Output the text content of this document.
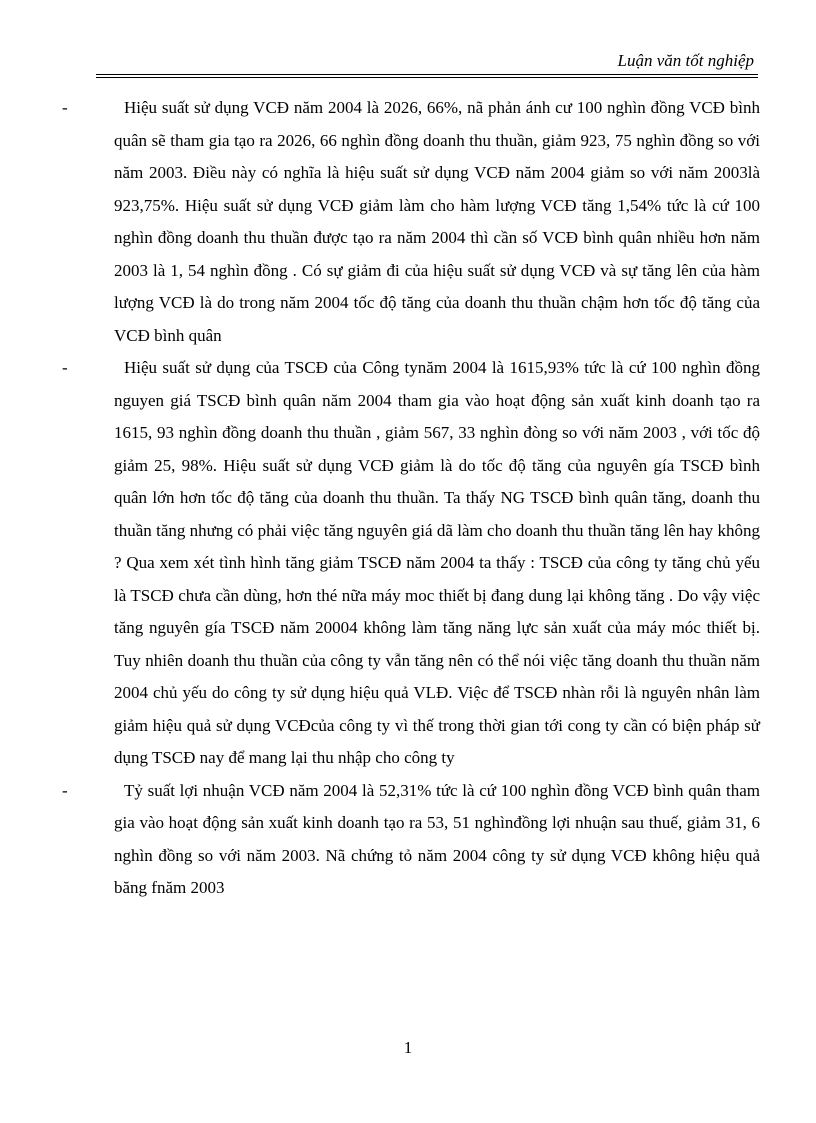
Luận văn tốt nghiệp
-	Hiệu suất sử dụng VCĐ năm 2004 là 2026, 66%, nã phản ánh cư 100 nghìn đồng VCĐ bình quân sẽ tham gia tạo ra 2026, 66 nghìn đồng doanh thu thuần, giảm 923, 75 nghìn đồng so với năm 2003. Điều này có nghĩa là hiệu suất sử dụng VCĐ năm 2004 giảm so với năm 2003là 923,75%. Hiệu suất sử dụng VCĐ giảm làm cho hàm lượng VCĐ tăng 1,54% tức là cứ 100 nghìn đồng doanh thu thuần được tạo ra năm 2004 thì cần số VCĐ bình quân nhiều hơn năm 2003 là 1, 54 nghìn đồng . Có sự giảm đi của hiệu suất sử dụng VCĐ và sự tăng lên của hàm lượng VCĐ là do trong năm 2004 tốc độ tăng của doanh thu thuần chậm hơn tốc độ tăng của VCĐ bình quân

-	Hiệu suất sử dụng của TSCĐ của Công tynăm 2004 là 1615,93% tức là cứ 100 nghìn đồng nguyen giá TSCĐ bình quân năm 2004 tham gia vào hoạt động sản xuất kinh doanh tạo ra 1615, 93 nghìn đồng doanh thu thuần , giảm 567, 33 nghìn đòng so với năm 2003 , với tốc độ giảm 25, 98%. Hiệu suất sử dụng VCĐ giảm là do tốc độ tăng của nguyên gía TSCĐ bình quân lớn hơn tốc độ tăng của doanh thu thuần. Ta thấy NG TSCĐ bình quân tăng, doanh thu thuần tăng nhưng có phải việc tăng nguyên giá dã làm cho doanh thu thuần tăng lên hay không ? Qua xem xét tình hình tăng giảm TSCĐ năm 2004 ta thấy : TSCĐ của công ty tăng chủ yếu là TSCĐ chưa cần dùng, hơn thé nữa máy moc thiết bị đang dung lại không tăng . Do vậy việc tăng nguyên gía TSCĐ năm 20004 không làm tăng năng lực sản xuất của máy móc thiết bị. Tuy nhiên doanh thu thuần của công ty vẫn tăng nên có thể nói việc tăng doanh thu thuần năm 2004 chủ yếu do công ty sử dụng hiệu quả VLĐ. Việc để TSCĐ nhàn rỗi là nguyên nhân làm giảm hiệu quả sử dụng VCĐcủa công ty vì thế trong thời gian tới cong ty cần có biện pháp sử dụng TSCĐ nay để mang lại thu nhập cho công ty

-	Tỷ suất lợi nhuận VCĐ năm 2004 là 52,31% tức là cứ 100 nghìn đồng VCĐ bình quân tham gia vào hoạt động sản xuất kinh doanh tạo ra 53, 51 nghìnđồng lợi nhuận sau thuế, giảm 31, 6 nghìn đồng so với năm 2003. Nã chứng tỏ năm 2004 công ty sử dụng VCĐ không hiệu quả băng fnăm 2003

1
